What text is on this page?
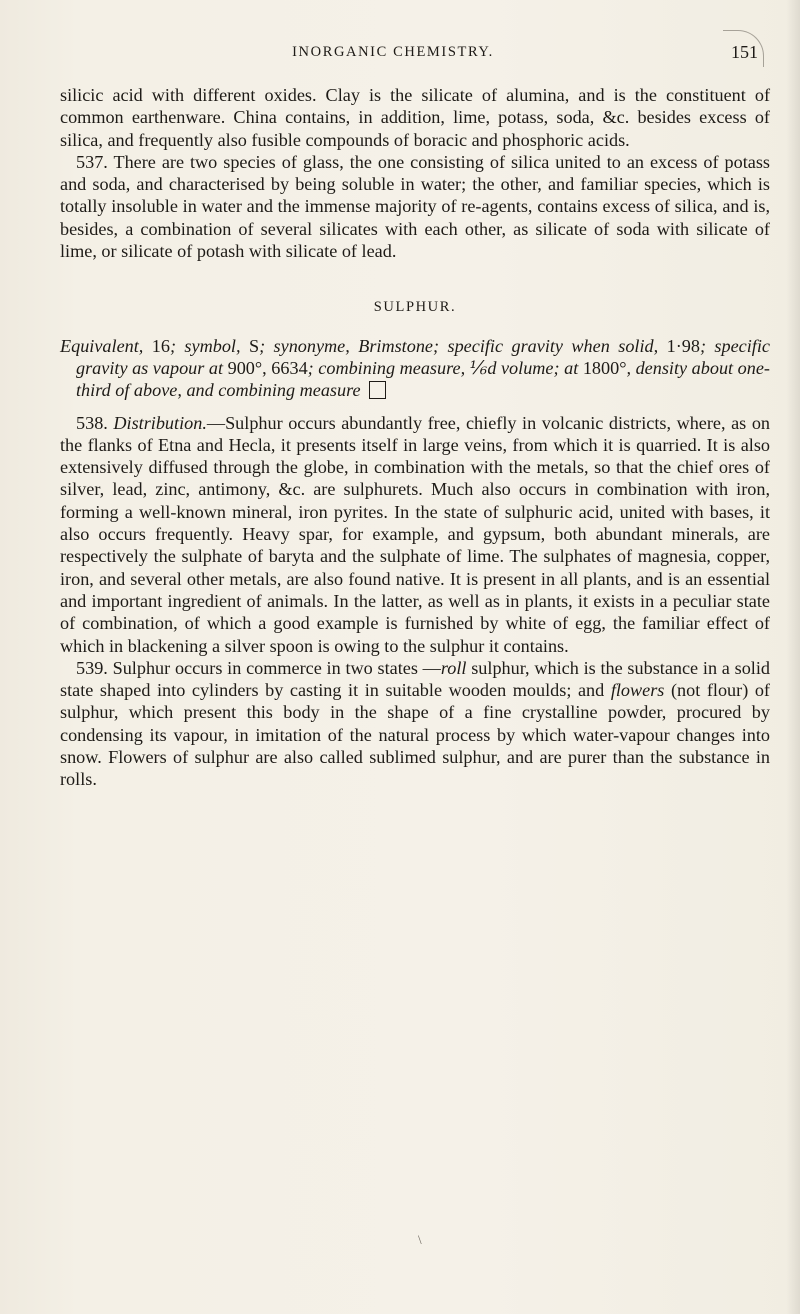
INORGANIC CHEMISTRY.	151

silicic acid with different oxides. Clay is the silicate of alumina, and is the constituent of common earthenware. China contains, in addition, lime, potass, soda, &c. besides excess of silica, and frequently also fusible compounds of boracic and phosphoric acids.

537. There are two species of glass, the one consisting of silica united to an excess of potass and soda, and characterised by being soluble in water; the other, and familiar species, which is totally insoluble in water and the immense majority of re-agents, contains excess of silica, and is, besides, a combination of several silicates with each other, as silicate of soda with silicate of lime, or silicate of potash with silicate of lead.

SULPHUR.

Equivalent, 16; symbol, S; synonyme, Brimstone; specific gravity when solid, 1·98; specific gravity as vapour at 900°, 6634; combining measure, ⅙d volume; at 1800°, density about one-third of above, and combining measure

538. Distribution.—Sulphur occurs abundantly free, chiefly in volcanic districts, where, as on the flanks of Etna and Hecla, it presents itself in large veins, from which it is quarried. It is also extensively diffused through the globe, in combination with the metals, so that the chief ores of silver, lead, zinc, antimony, &c. are sulphurets. Much also occurs in combination with iron, forming a well-known mineral, iron pyrites. In the state of sulphuric acid, united with bases, it also occurs frequently. Heavy spar, for example, and gypsum, both abundant minerals, are respectively the sulphate of baryta and the sulphate of lime. The sulphates of magnesia, copper, iron, and several other metals, are also found native. It is present in all plants, and is an essential and important ingredient of animals. In the latter, as well as in plants, it exists in a peculiar state of combination, of which a good example is furnished by white of egg, the familiar effect of which in blackening a silver spoon is owing to the sulphur it contains.

539. Sulphur occurs in commerce in two states —roll sulphur, which is the substance in a solid state shaped into cylinders by casting it in suitable wooden moulds; and flowers (not flour) of sulphur, which present this body in the shape of a fine crystalline powder, procured by condensing its vapour, in imitation of the natural process by which water-vapour changes into snow. Flowers of sulphur are also called sublimed sulphur, and are purer than the substance in rolls.

\
